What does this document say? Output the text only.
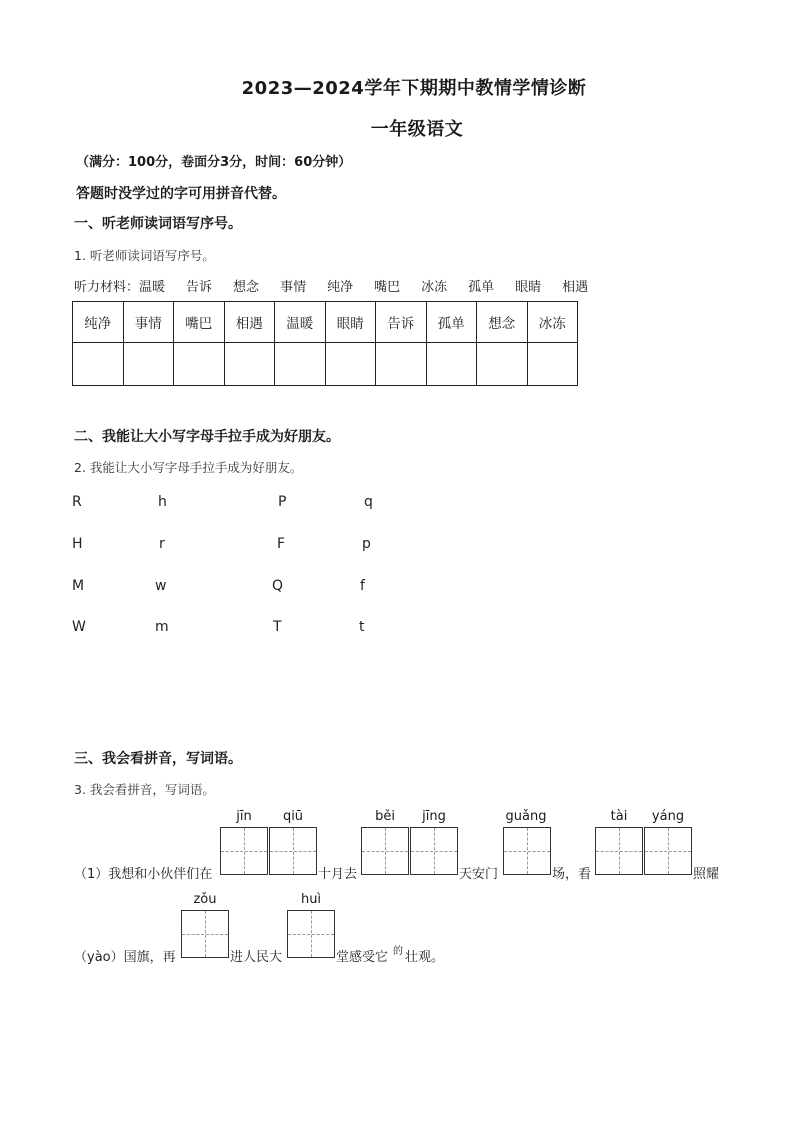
2023—2024学年下期期中教情学情诊断
一年级语文
（满分：100分，卷面分3分，时间：60分钟）
答题时没学过的字可用拼音代替。
一、听老师读词语写序号。
1. 听老师读词语写序号。
听力材料： 温暖 告诉 想念 事情 纯净 嘴巴 冰冻 孤单 眼睛 相遇
纯净	事情	嘴巴	相遇	温暖	眼睛	告诉	孤单	想念	冰冻

二、我能让大小写字母手拉手成为好朋友。
2. 我能让大小写字母手拉手成为好朋友。
R	h	P	q
H	r	F	p
M	w	Q	f
W	m	T	t
三、我会看拼音，写词语。
3. 我会看拼音，写词语。
jīn	qiū	běi	jīng	guǎng	tài	yáng
（1）我想和小伙伴们在	十月去	天安门	场，看	照耀
zǒu	huì
（yào）国旗，再	进人民大	堂感受它 的 壮观。
